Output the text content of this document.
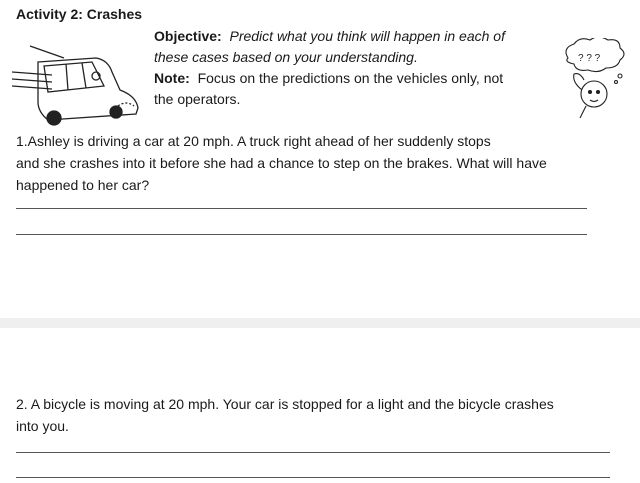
Activity 2: Crashes
Objective: Predict what you think will happen in each of
these cases based on your understanding.
Note: Focus on the predictions on the vehicles only, not
the operators.
? ? ?
1.Ashley is driving a car at 20 mph. A truck right ahead of her suddenly stops
and she crashes into it before she had a chance to step on the brakes. What will have
happened to her car?
2. A bicycle is moving at 20 mph. Your car is stopped for a light and the bicycle crashes
into you.
